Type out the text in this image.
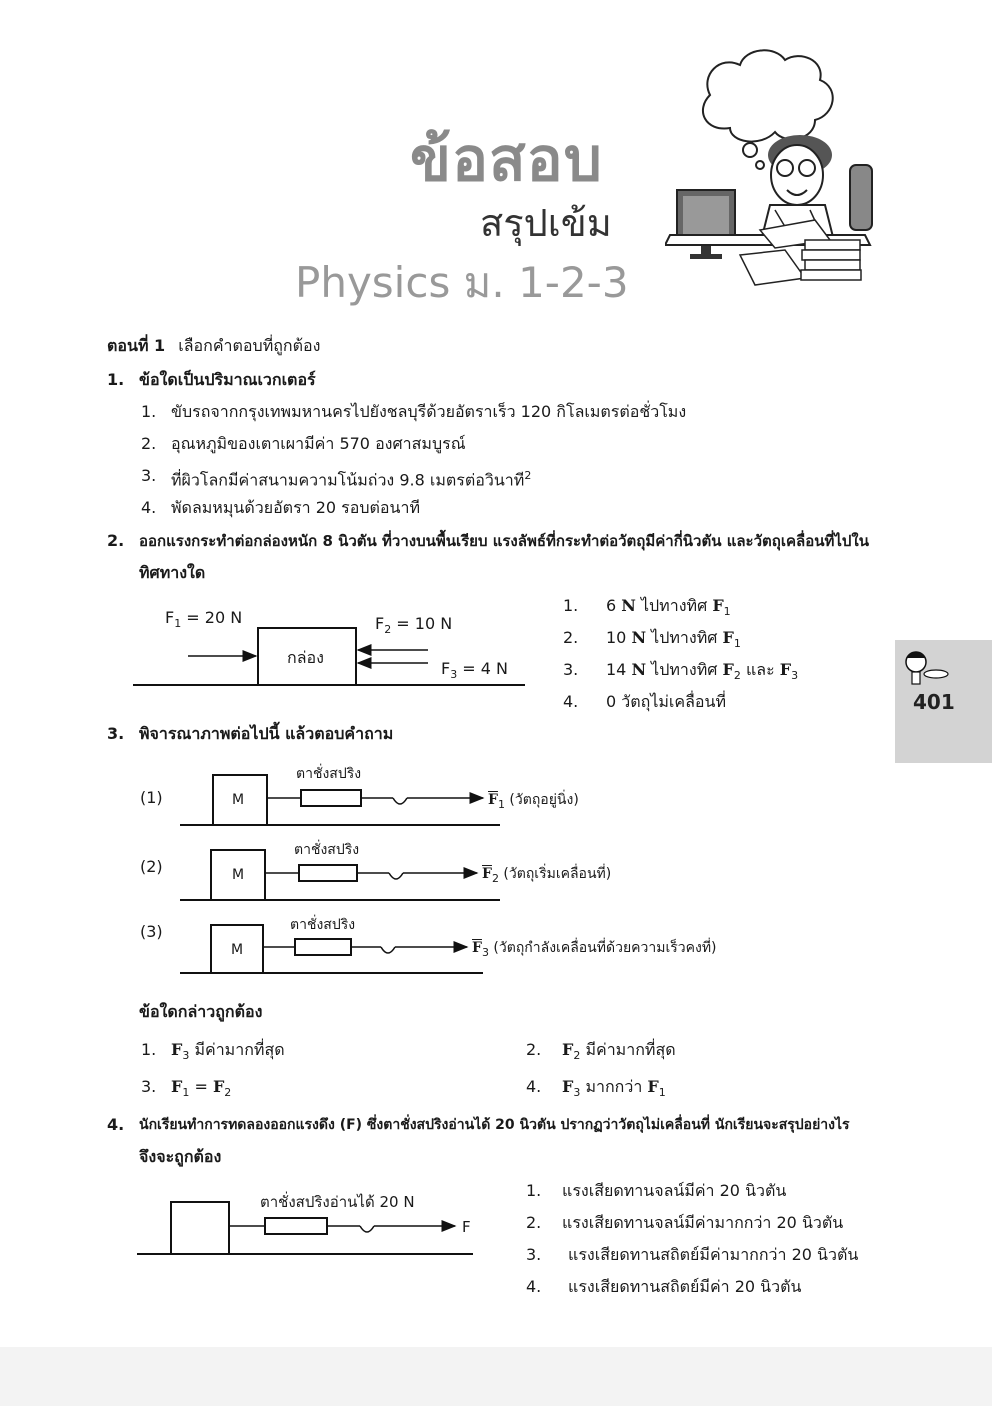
ข้อสอบ
สรุปเข้ม
Physics ม. 1-2-3
ตอนที่ 1 เลือกคำตอบที่ถูกต้อง
1. ข้อใดเป็นปริมาณเวกเตอร์
1. ขับรถจากกรุงเทพมหานครไปยังชลบุรีด้วยอัตราเร็ว 120 กิโลเมตรต่อชั่วโมง
2. อุณหภูมิของเตาเผามีค่า 570 องศาสมบูรณ์
3. ที่ผิวโลกมีค่าสนามความโน้มถ่วง 9.8 เมตรต่อวินาที$^2$
4. พัดลมหมุนด้วยอัตรา 20 รอบต่อนาที
2. ออกแรงกระทำต่อกล่องหนัก 8 นิวตัน ที่วางบนพื้นเรียบ แรงลัพธ์ที่กระทำต่อวัตถุมีค่ากี่นิวตัน และวัตถุเคลื่อนที่ไปใน
ทิศทางใด
$F_1 = 20$ N	$F_2 = 10$ N
$F_3 = 4$ N
กล่อง
1. 6 N ไปทางทิศ $F_1$
2. 10 N ไปทางทิศ $F_1$
3. 14 N ไปทางทิศ $F_2$ และ $F_3$
4. 0 วัตถุไม่เคลื่อนที่	401
3. พิจารณาภาพต่อไปนี้ แล้วตอบคำถาม
(1)	M
ตาชั่งสปริง
$\overline{F}_1$ (วัตถุอยู่นิ่ง)
(2)	M
ตาชั่งสปริง
$\overline{F}_2$ (วัตถุเริ่มเคลื่อนที่)
(3)
M
ตาชั่งสปริง
$\overline{F}_3$ (วัตถุกำลังเคลื่อนที่ด้วยความเร็วคงที่)
ข้อใดกล่าวถูกต้อง
1. $F_3$ มีค่ามากที่สุด	2. $F_2$ มีค่ามากที่สุด
3. $F_1 = F_2$	4. $F_3$ มากกว่า $F_1$
4. นักเรียนทำการทดลองออกแรงดึง (F) ซึ่งตาชั่งสปริงอ่านได้ 20 นิวตัน ปรากฏว่าวัตถุไม่เคลื่อนที่ นักเรียนจะสรุปอย่างไร
จึงจะถูกต้อง
ตาชั่งสปริงอ่านได้ 20 N
F
1. แรงเสียดทานจลน์มีค่า 20 นิวตัน
2. แรงเสียดทานจลน์มีค่ามากกว่า 20 นิวตัน
3. แรงเสียดทานสถิตย์มีค่ามากกว่า 20 นิวตัน
4. แรงเสียดทานสถิตย์มีค่า 20 นิวตัน
